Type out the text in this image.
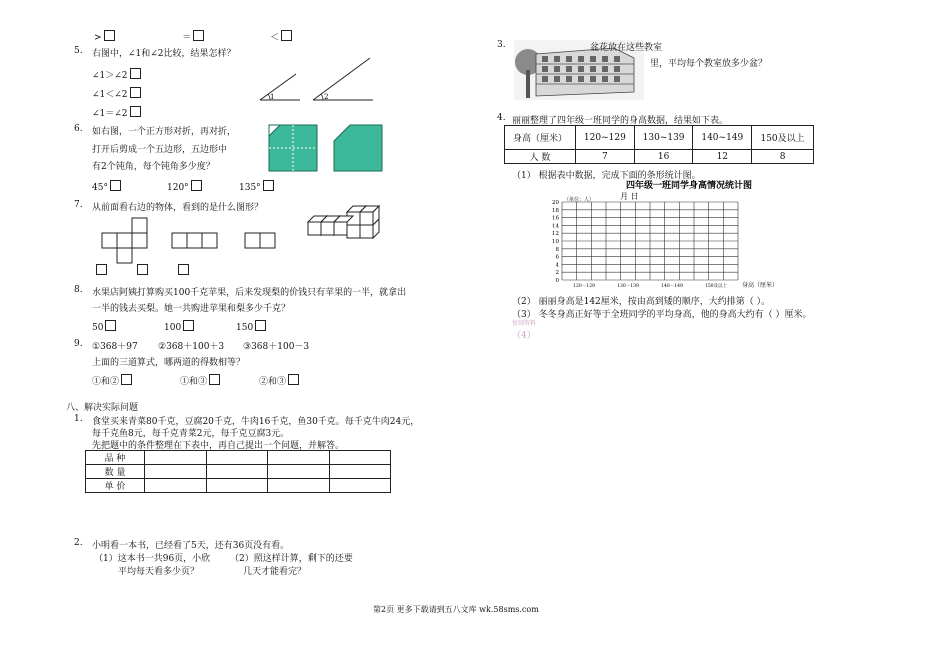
>	＝	＜
5. 右图中，∠1和∠2比较，结果怎样？
∠1＞∠2
∠1＜∠2
∠1＝∠2
1	2
6. 如右图，一个正方形对折，再对折，
打开后剪成一个五边形，五边形中
有2个钝角，每个钝角多少度？
45°	120°	135°
7. 从前面看右边的物体，看到的是什么图形？
8. 水果店阿姨打算购买100千克苹果，后来发现梨的价钱只有苹果的一半，就拿出
一半的钱去买梨。她一共购进苹果和梨多少千克？
50	100	150
9. ①368＋97 ②368＋100＋3 ③368＋100－3
上面的三道算式，哪两道的得数相等？
①和②	①和③	②和③
八、解决实际问题
1. 食堂买来青菜80千克，豆腐20千克，牛肉16千克，鱼30千克。每千克牛肉24元，
每千克鱼8元，每千克青菜2元，每千克豆腐3元。
先把题中的条件整理在下表中，再自己提出一个问题，并解答。
品 种				
数 量				
单 价				
2. 小明看一本书，已经看了5天，还有36页没有看。
（1）这本书一共96页，小欣 （2）照这样计算，剩下的还要
平均每天看多少页？	几天才能看完？
3.	盆花放在这些教室
里，平均每个教室放多少盆？
4. 丽丽整理了四年级一班同学的身高数据，结果如下表。
身高（厘米）	120~129	130~139	140~149	150及以上
人 数	7	16	12	8
（1） 根据表中数据，完成下面的条形统计图。
四年级一班同学身高情况统计图
月 日
（单位：人）
0
2
4
6
8
10
12
14
16
18
20
120－129	130－139	140－149	150及以上 身高（厘米）
（2） 丽丽身高是142厘米，按由高到矮的顺序，大约排第（ ）。
（3） 冬冬身高正好等于全班同学的平均身高，他的身高大约有（ ）厘米。
复制资料
（4）
第2页 更多下载请到五八文库 wk.58sms.com
